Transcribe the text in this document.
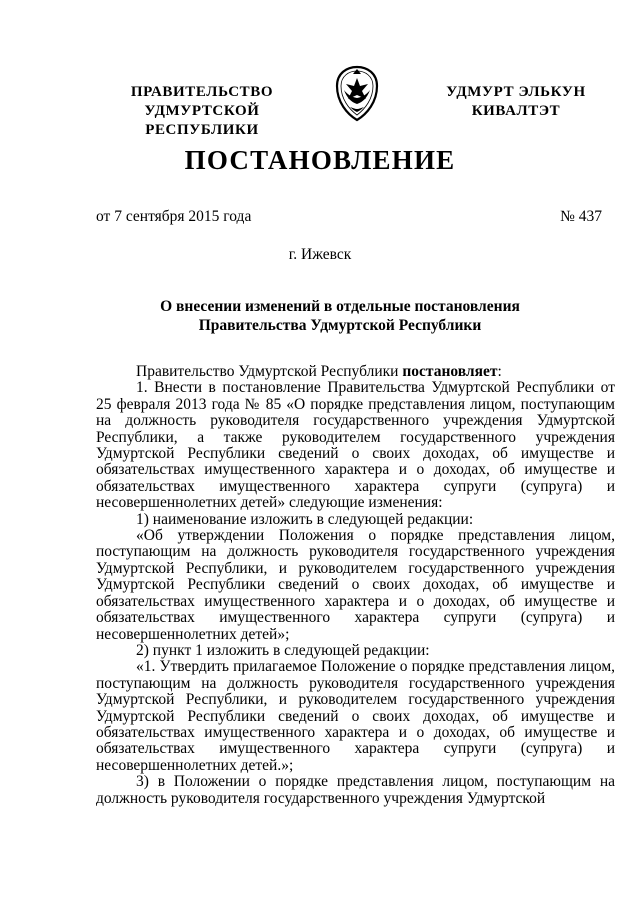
ПРАВИТЕЛЬСТВО
УДМУРТСКОЙ РЕСПУБЛИКИ
УДМУРТ ЭЛЬКУН
КИВАЛТЭТ
ПОСТАНОВЛЕНИЕ
от 7 сентября 2015 года	№ 437
г. Ижевск
О внесении изменений в отдельные постановления
Правительства Удмуртской Республики

Правительство Удмуртской Республики постановляет:

1. Внести в постановление Правительства Удмуртской Республики от 25 февраля 2013 года № 85 «О порядке представления лицом, поступающим на должность руководителя государственного учреждения Удмуртской Республики, а также руководителем государственного учреждения Удмуртской Республики сведений о своих доходах, об имуществе и обязательствах имущественного характера и о доходах, об имуществе и обязательствах имущественного характера супруги (супруга) и несовершеннолетних детей» следующие изменения:

1) наименование изложить в следующей редакции:

«Об утверждении Положения о порядке представления лицом, поступающим на должность руководителя государственного учреждения Удмуртской Республики, и руководителем государственного учреждения Удмуртской Республики сведений о своих доходах, об имуществе и обязательствах имущественного характера и о доходах, об имуществе и обязательствах имущественного характера супруги (супруга) и несовершеннолетних детей»;

2) пункт 1 изложить в следующей редакции:

«1. Утвердить прилагаемое Положение о порядке представления лицом, поступающим на должность руководителя государственного учреждения Удмуртской Республики, и руководителем государственного учреждения Удмуртской Республики сведений о своих доходах, об имуществе и обязательствах имущественного характера и о доходах, об имуществе и обязательствах имущественного характера супруги (супруга) и несовершеннолетних детей.»;

3) в Положении о порядке представления лицом, поступающим на должность руководителя государственного учреждения Удмуртской
